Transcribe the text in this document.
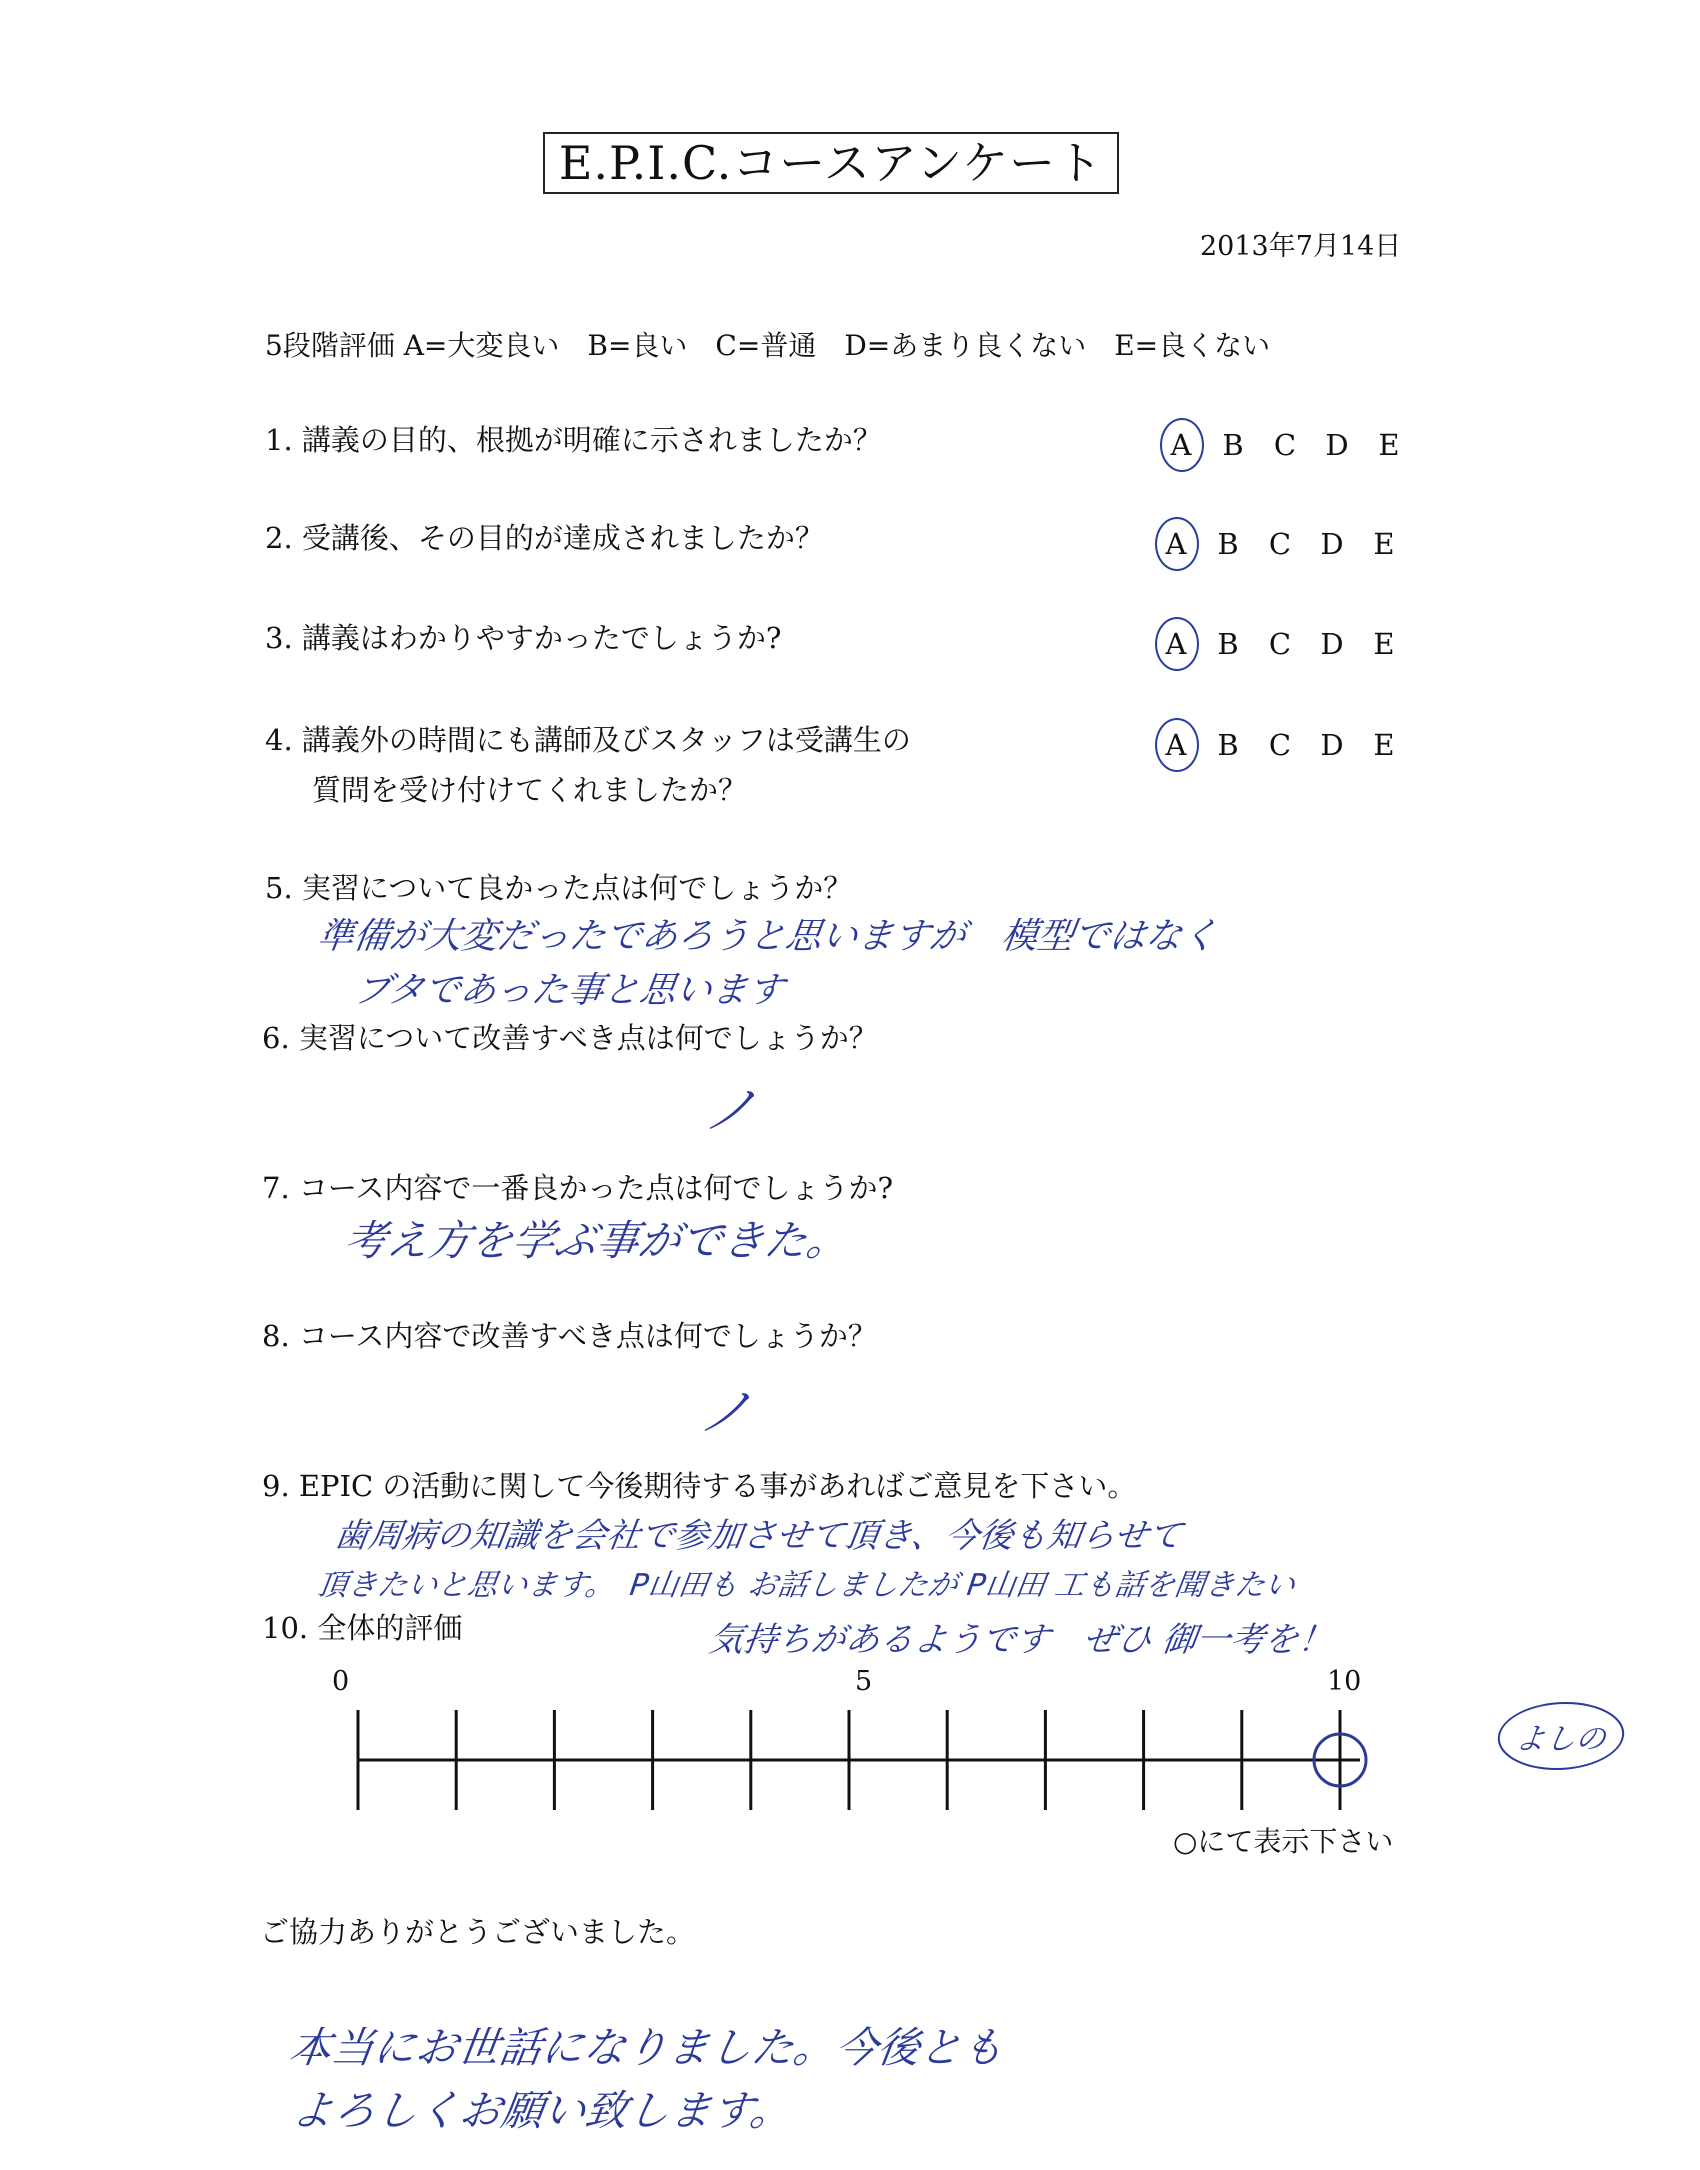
E.P.I.C.コースアンケート
2013年7月14日
5段階評価 A=大変良い　B=良い　C=普通　D=あまり良くない　E=良くない
1. 講義の目的、根拠が明確に示されましたか？	A B C D E
2. 受講後、その目的が達成されましたか？	A B C D E
3. 講義はわかりやすかったでしょうか?	A B C D E
4. 講義外の時間にも講師及びスタッフは受講生の
質問を受け付けてくれましたか？
A B C D E
5. 実習について良かった点は何でしょうか？
準備が大変だったであろうと思いますが　模型ではなく
ブタであった事と思います
6. 実習について改善すべき点は何でしょうか？
ノ
7. コース内容で一番良かった点は何でしょうか?
考え方を学ぶ事ができた。
8. コース内容で改善すべき点は何でしょうか？
ノ
9. EPIC の活動に関して今後期待する事があればご意見を下さい。
歯周病の知識を会社で参加させて頂き、今後も知らせて
頂きたいと思います。　P山田も お話しましたが P山田 工も話を聞きたい
気持ちがあるようです　ぜひ 御一考を！
よしの
10. 全体的評価
0	5	10
○にて表示下さい
ご協力ありがとうございました。
本当にお世話になりました。今後とも
よろしくお願い致します。
